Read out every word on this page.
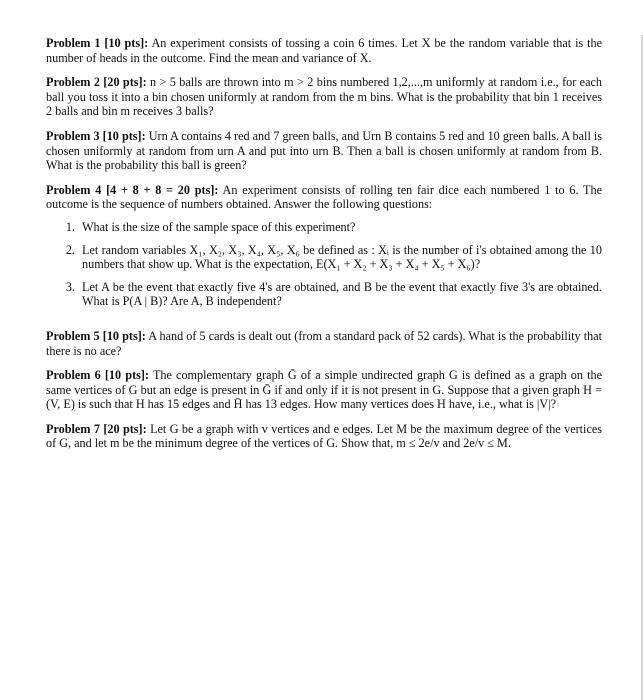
Problem 1 [10 pts]: An experiment consists of tossing a coin 6 times. Let X be the random variable that is the number of heads in the outcome. Find the mean and variance of X.

Problem 2 [20 pts]: n > 5 balls are thrown into m > 2 bins numbered 1,2,...,m uniformly at random i.e., for each ball you toss it into a bin chosen uniformly at random from the m bins. What is the probability that bin 1 receives 2 balls and bin m receives 3 balls?

Problem 3 [10 pts]: Urn A contains 4 red and 7 green balls, and Urn B contains 5 red and 10 green balls. A ball is chosen uniformly at random from urn A and put into urn B. Then a ball is chosen uniformly at random from B. What is the probability this ball is green?

Problem 4 [4 + 8 + 8 = 20 pts]: An experiment consists of rolling ten fair dice each numbered 1 to 6. The outcome is the sequence of numbers obtained. Answer the following questions:

1. What is the size of the sample space of this experiment?
2. Let random variables X₁, X₂, X₃, X₄, X₅, X₆ be defined as : Xᵢ is the number of i's obtained among the 10 numbers that show up. What is the expectation, E(X₁ + X₂ + X₃ + X₄ + X₅ + X₆)?
3. Let A be the event that exactly five 4's are obtained, and B be the event that exactly five 3's are obtained. What is P(A | B)? Are A, B independent?

Problem 5 [10 pts]: A hand of 5 cards is dealt out (from a standard pack of 52 cards). What is the probability that there is no ace?

Problem 6 [10 pts]: The complementary graph Ḡ of a simple undirected graph G is defined as a graph on the same vertices of G but an edge is present in Ḡ if and only if it is not present in G. Suppose that a given graph H = (V, E) is such that H has 15 edges and H̄ has 13 edges. How many vertices does H have, i.e., what is |V|?

Problem 7 [20 pts]: Let G be a graph with v vertices and e edges. Let M be the maximum degree of the vertices of G, and let m be the minimum degree of the vertices of G. Show that, m ≤ 2e/v and 2e/v ≤ M.
